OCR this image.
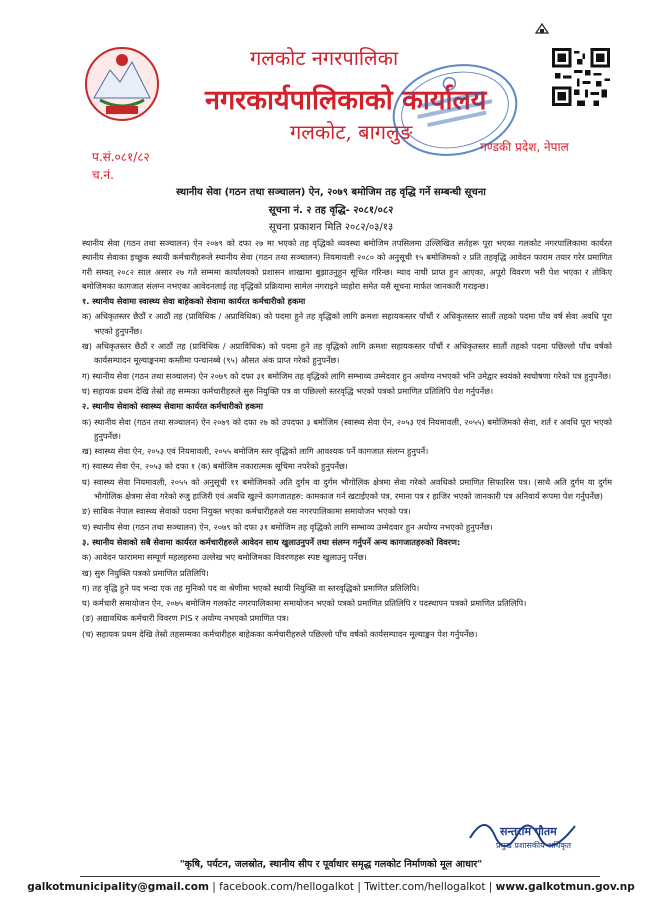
गलकोट नगरपालिका
नगरकार्यपालिकाको कार्यालय
गलकोट, बागलुङ
गण्डकी प्रदेश, नेपाल
प.सं.०८१/८२
च.नं.
स्थानीय सेवा (गठन तथा सञ्चालन) ऐन, २०७९ बमोजिम तह वृद्धि गर्ने सम्बन्धी सूचना
सूचना नं. २ तह वृद्धि- २०८१/०८२
सूचना प्रकाशन मिति २०८२/०३/१३

स्थानीय सेवा (गठन तथा सञ्चालन) ऐन २०७९ को दफा २७ मा भएको तह वृद्धिको व्यवस्था बमोजिम तपसिलमा उल्लिखित सर्तहरू पूरा भएका गलकोट नगरपालिकामा कार्यरत स्थानीय सेवाका इच्छुक स्थायी कर्मचारीहरूले स्थानीय सेवा (गठन तथा सञ्चालन) नियमावली २०८० को अनुसूची १५ बमोजिमको २ प्रति तहवृद्धि आवेदन फाराम तयार गरेर प्रमाणित गरी सम्वत् २०८२ साल असार २७ गते सम्ममा कार्यालयको प्रशासन शाखामा बुझाउनुहुन सूचित गरिन्छ। म्याद नाघी प्राप्त हुन आएका, अपूरो विवरण भरी पेश भएका र तोकिए बमोजिमका कागजात संलग्न नभएका आवेदनलाई तह वृद्धिको प्रक्रियामा सामेल नगराइने व्यहोरा समेत यसै सूचना मार्फत जानकारी गराइन्छ।

१. स्थानीय सेवामा स्वास्थ्य सेवा बाहेकको सेवामा कार्यरत कर्मचारीको हकमा

क) अधिकृतस्तर छैठौं र आठौं तह (प्राविधिक / अप्राविधिक) को पदमा हुने तह वृद्धिको लागि क्रमशः सहायकस्तर पाँचौं र अधिकृतस्तर सातौं तहको पदमा पाँच वर्ष सेवा अवधि पूरा भएको हुनुपर्नेछ।

ख) अधिकृतस्तर छैठौं र आठौं तह (प्राविधिक / अप्राविधिक) को पदमा हुने तह वृद्धिको लागि क्रमशः सहायकस्तर पाँचौं र अधिकृतस्तर सातौं तहको पदमा पछिल्लो पाँच वर्षको कार्यसम्पादन मूल्याङ्कनमा कम्तीमा पन्चानब्बे (९५) औसत अंक प्राप्त गरेको हुनुपर्नेछ।

ग) स्थानीय सेवा (गठन तथा सञ्चालन) ऐन २०७९ को दफा ३१ बमोजिम तह वृद्धिको लागि सम्भाव्य उम्मेदवार हुन अयोग्य नभएको भनि उमेद्वार स्वयंको स्वघोषणा गरेको पत्र हुनुपर्नेछ।

घ) सहायक प्रथम देखि तेस्रो तह सम्मका कर्मचारीहरुले सुरु नियुक्ति पत्र वा पछिल्लो स्तरवृद्धि भएको पत्रको प्रमाणित प्रतिलिपि पेश गर्नुपर्नेछ।

२. स्थानीय सेवाको स्वास्थ्य सेवामा कार्यरत कर्मचारीको हकमा

क) स्थानीय सेवा (गठन तथा सञ्चालन) ऐन २०७९ को दफा २७ को उपदफा ३ बमोजिम (स्वास्थ्य सेवा ऐन, २०५३ एवं नियमावली, २०५५) बमोजिमको सेवा, शर्त र अवधि पूरा भएको हुनुपर्नेछ।

ख) स्वास्थ्य सेवा ऐन, २०५३ एवं नियमावली, २०५५ बमोजिम स्तर वृद्धिको लागि आवश्यक पर्ने कागजात संलग्न हुनुपर्ने।

ग) स्वास्थ्य सेवा ऐन, २०५३ को दफा १ (क) बमोजिम नकारात्मक सूचिमा नपरेको हुनुपर्नेछ।

घ) स्वास्थ्य सेवा नियमावली, २०५५ को अनुसूची ११ बमोजिमको अति दुर्गम वा दुर्गम भौगोलिक क्षेत्रमा सेवा गरेको अवधिको प्रमाणित सिफारिस पत्र। (साथै अति दुर्गम या दुर्गम भौगोलिक क्षेत्रमा सेवा गरेको रुजु हाजिरी एवं अवधि खुल्ने कागजातहरु: कामकाज गर्न खटाईएको पत्र, रमाना पत्र र हाजिर भएको जानकारी पत्र अनिवार्य रूपमा पेश गर्नुपर्नेछ)

ङ) साबिक नेपाल स्वास्थ्य सेवाको पदमा नियुक्त भएका कर्मचारीहरुले यस नगरपालिकामा समायोजन भएको पत्र।

च) स्थानीय सेवा (गठन तथा सञ्चालन) ऐन, २०७९ को दफा ३१ बमोजिम तह वृद्धिको लागि सम्भाव्य उम्मेदवार हुन अयोग्य नभएको हुनुपर्नेछ।

३. स्थानीय सेवाको सबै सेवामा कार्यरत कर्मचारीहरुले आवेदन साथ खुलाउनुपर्ने तथा संलग्न गर्नुपर्ने अन्य कागजातहरुको विवरण:

क) आवेदन फाराममा सम्पूर्ण महलहरुमा उल्लेख भए बमोजिमका विवरणहरू स्पष्ट खुलाउनु पर्नेछ।

ख) सुरु नियुक्ति पत्रको प्रमाणित प्रतिलिपि।

ग) तह वृद्धि हुने पद भन्दा एक तह मुनिको पद वा श्रेणीमा भएको स्थायी नियुक्ति वा स्तरवृद्धिको प्रमाणित प्रतिलिपि।

घ) कर्मचारी समायोजन ऐन, २०७५ बमोजिम गलकोट नगरपालिकामा समायोजन भएको पत्रको प्रमाणित प्रतिलिपि र पदस्थापन पत्रको प्रमाणित प्रतिलिपि।

(ङ) अद्यावधिक कर्मचारी विवरण PIS र अयोग्य नभएको प्रमाणित पत्र।

(च) सहायक प्रथम देखि तेस्रो तहसम्मका कर्मचारीहरु बाहेकका कर्मचारीहरुले पछिल्लो पाँच वर्षको कार्यसम्पादन मूल्याङ्कन पेश गर्नुपर्नेछ।

सन्तराम गौतम
प्रमुख प्रशासकीय अधिकृत
"कृषि, पर्यटन, जलस्रोत, स्थानीय सीप र पूर्वाधार समृद्ध गलकोट निर्माणको मूल आधार"
galkotmunicipality@gmail.com | facebook.com/hellogalkot | Twitter.com/hellogalkot | www.galkotmun.gov.np
